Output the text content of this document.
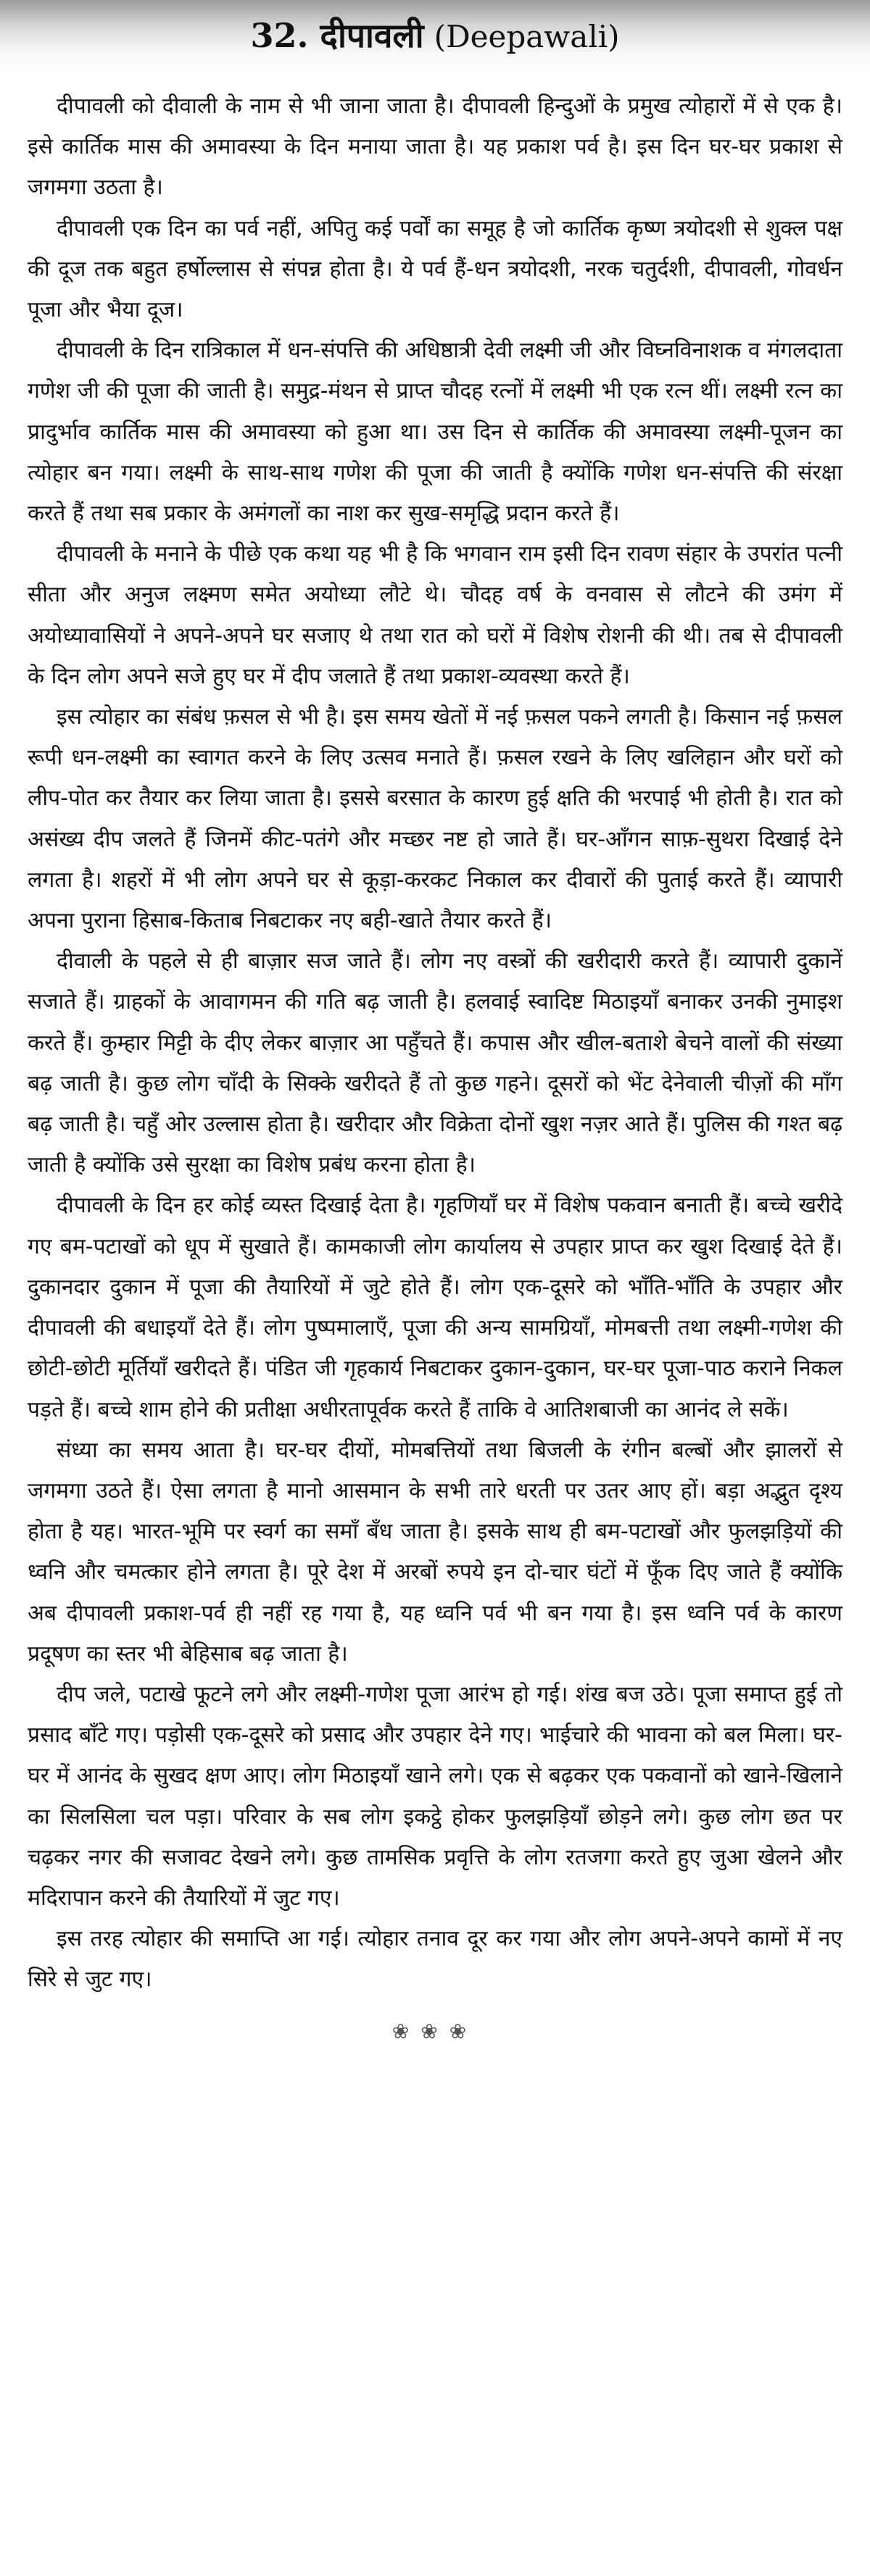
32. दीपावली (Deepawali)

दीपावली को दीवाली के नाम से भी जाना जाता है। दीपावली हिन्दुओं के प्रमुख त्योहारों में से एक है। इसे कार्तिक मास की अमावस्या के दिन मनाया जाता है। यह प्रकाश पर्व है। इस दिन घर-घर प्रकाश से जगमगा उठता है।

दीपावली एक दिन का पर्व नहीं, अपितु कई पर्वों का समूह है जो कार्तिक कृष्ण त्रयोदशी से शुक्ल पक्ष की दूज तक बहुत हर्षोल्लास से संपन्न होता है। ये पर्व हैं-धन त्रयोदशी, नरक चतुर्दशी, दीपावली, गोवर्धन पूजा और भैया दूज।

दीपावली के दिन रात्रिकाल में धन-संपत्ति की अधिष्ठात्री देवी लक्ष्मी जी और विघ्नविनाशक व मंगलदाता गणेश जी की पूजा की जाती है। समुद्र-मंथन से प्राप्त चौदह रत्नों में लक्ष्मी भी एक रत्न थीं। लक्ष्मी रत्न का प्रादुर्भाव कार्तिक मास की अमावस्या को हुआ था। उस दिन से कार्तिक की अमावस्या लक्ष्मी-पूजन का त्योहार बन गया। लक्ष्मी के साथ-साथ गणेश की पूजा की जाती है क्योंकि गणेश धन-संपत्ति की संरक्षा करते हैं तथा सब प्रकार के अमंगलों का नाश कर सुख-समृद्धि प्रदान करते हैं।

दीपावली के मनाने के पीछे एक कथा यह भी है कि भगवान राम इसी दिन रावण संहार के उपरांत पत्नी सीता और अनुज लक्ष्मण समेत अयोध्या लौटे थे। चौदह वर्ष के वनवास से लौटने की उमंग में अयोध्यावासियों ने अपने-अपने घर सजाए थे तथा रात को घरों में विशेष रोशनी की थी। तब से दीपावली के दिन लोग अपने सजे हुए घर में दीप जलाते हैं तथा प्रकाश-व्यवस्था करते हैं।

इस त्योहार का संबंध फ़सल से भी है। इस समय खेतों में नई फ़सल पकने लगती है। किसान नई फ़सल रूपी धन-लक्ष्मी का स्वागत करने के लिए उत्सव मनाते हैं। फ़सल रखने के लिए खलिहान और घरों को लीप-पोत कर तैयार कर लिया जाता है। इससे बरसात के कारण हुई क्षति की भरपाई भी होती है। रात को असंख्य दीप जलते हैं जिनमें कीट-पतंगे और मच्छर नष्ट हो जाते हैं। घर-आँगन साफ़-सुथरा दिखाई देने लगता है। शहरों में भी लोग अपने घर से कूड़ा-करकट निकाल कर दीवारों की पुताई करते हैं। व्यापारी अपना पुराना हिसाब-किताब निबटाकर नए बही-खाते तैयार करते हैं।

दीवाली के पहले से ही बाज़ार सज जाते हैं। लोग नए वस्त्रों की खरीदारी करते हैं। व्यापारी दुकानें सजाते हैं। ग्राहकों के आवागमन की गति बढ़ जाती है। हलवाई स्वादिष्ट मिठाइयाँ बनाकर उनकी नुमाइश करते हैं। कुम्हार मिट्टी के दीए लेकर बाज़ार आ पहुँचते हैं। कपास और खील-बताशे बेचने वालों की संख्या बढ़ जाती है। कुछ लोग चाँदी के सिक्के खरीदते हैं तो कुछ गहने। दूसरों को भेंट देनेवाली चीज़ों की माँग बढ़ जाती है। चहुँ ओर उल्लास होता है। खरीदार और विक्रेता दोनों खुश नज़र आते हैं। पुलिस की गश्त बढ़ जाती है क्योंकि उसे सुरक्षा का विशेष प्रबंध करना होता है।

दीपावली के दिन हर कोई व्यस्त दिखाई देता है। गृहणियाँ घर में विशेष पकवान बनाती हैं। बच्चे खरीदे गए बम-पटाखों को धूप में सुखाते हैं। कामकाजी लोग कार्यालय से उपहार प्राप्त कर खुश दिखाई देते हैं। दुकानदार दुकान में पूजा की तैयारियों में जुटे होते हैं। लोग एक-दूसरे को भाँति-भाँति के उपहार और दीपावली की बधाइयाँ देते हैं। लोग पुष्पमालाएँ, पूजा की अन्य सामग्रियाँ, मोमबत्ती तथा लक्ष्मी-गणेश की छोटी-छोटी मूर्तियाँ खरीदते हैं। पंडित जी गृहकार्य निबटाकर दुकान-दुकान, घर-घर पूजा-पाठ कराने निकल पड़ते हैं। बच्चे शाम होने की प्रतीक्षा अधीरतापूर्वक करते हैं ताकि वे आतिशबाजी का आनंद ले सकें।

संध्या का समय आता है। घर-घर दीयों, मोमबत्तियों तथा बिजली के रंगीन बल्बों और झालरों से जगमगा उठते हैं। ऐसा लगता है मानो आसमान के सभी तारे धरती पर उतर आए हों। बड़ा अद्भुत दृश्य होता है यह। भारत-भूमि पर स्वर्ग का समाँ बँध जाता है। इसके साथ ही बम-पटाखों और फुलझड़ियों की ध्वनि और चमत्कार होने लगता है। पूरे देश में अरबों रुपये इन दो-चार घंटों में फूँक दिए जाते हैं क्योंकि अब दीपावली प्रकाश-पर्व ही नहीं रह गया है, यह ध्वनि पर्व भी बन गया है। इस ध्वनि पर्व के कारण प्रदूषण का स्तर भी बेहिसाब बढ़ जाता है।

दीप जले, पटाखे फूटने लगे और लक्ष्मी-गणेश पूजा आरंभ हो गई। शंख बज उठे। पूजा समाप्त हुई तो प्रसाद बाँटे गए। पड़ोसी एक-दूसरे को प्रसाद और उपहार देने गए। भाईचारे की भावना को बल मिला। घर-घर में आनंद के सुखद क्षण आए। लोग मिठाइयाँ खाने लगे। एक से बढ़कर एक पकवानों को खाने-खिलाने का सिलसिला चल पड़ा। परिवार के सब लोग इकट्ठे होकर फुलझड़ियाँ छोड़ने लगे। कुछ लोग छत पर चढ़कर नगर की सजावट देखने लगे। कुछ तामसिक प्रवृत्ति के लोग रतजगा करते हुए जुआ खेलने और मदिरापान करने की तैयारियों में जुट गए।

इस तरह त्योहार की समाप्ति आ गई। त्योहार तनाव दूर कर गया और लोग अपने-अपने कामों में नए सिरे से जुट गए।

❀❀❀
